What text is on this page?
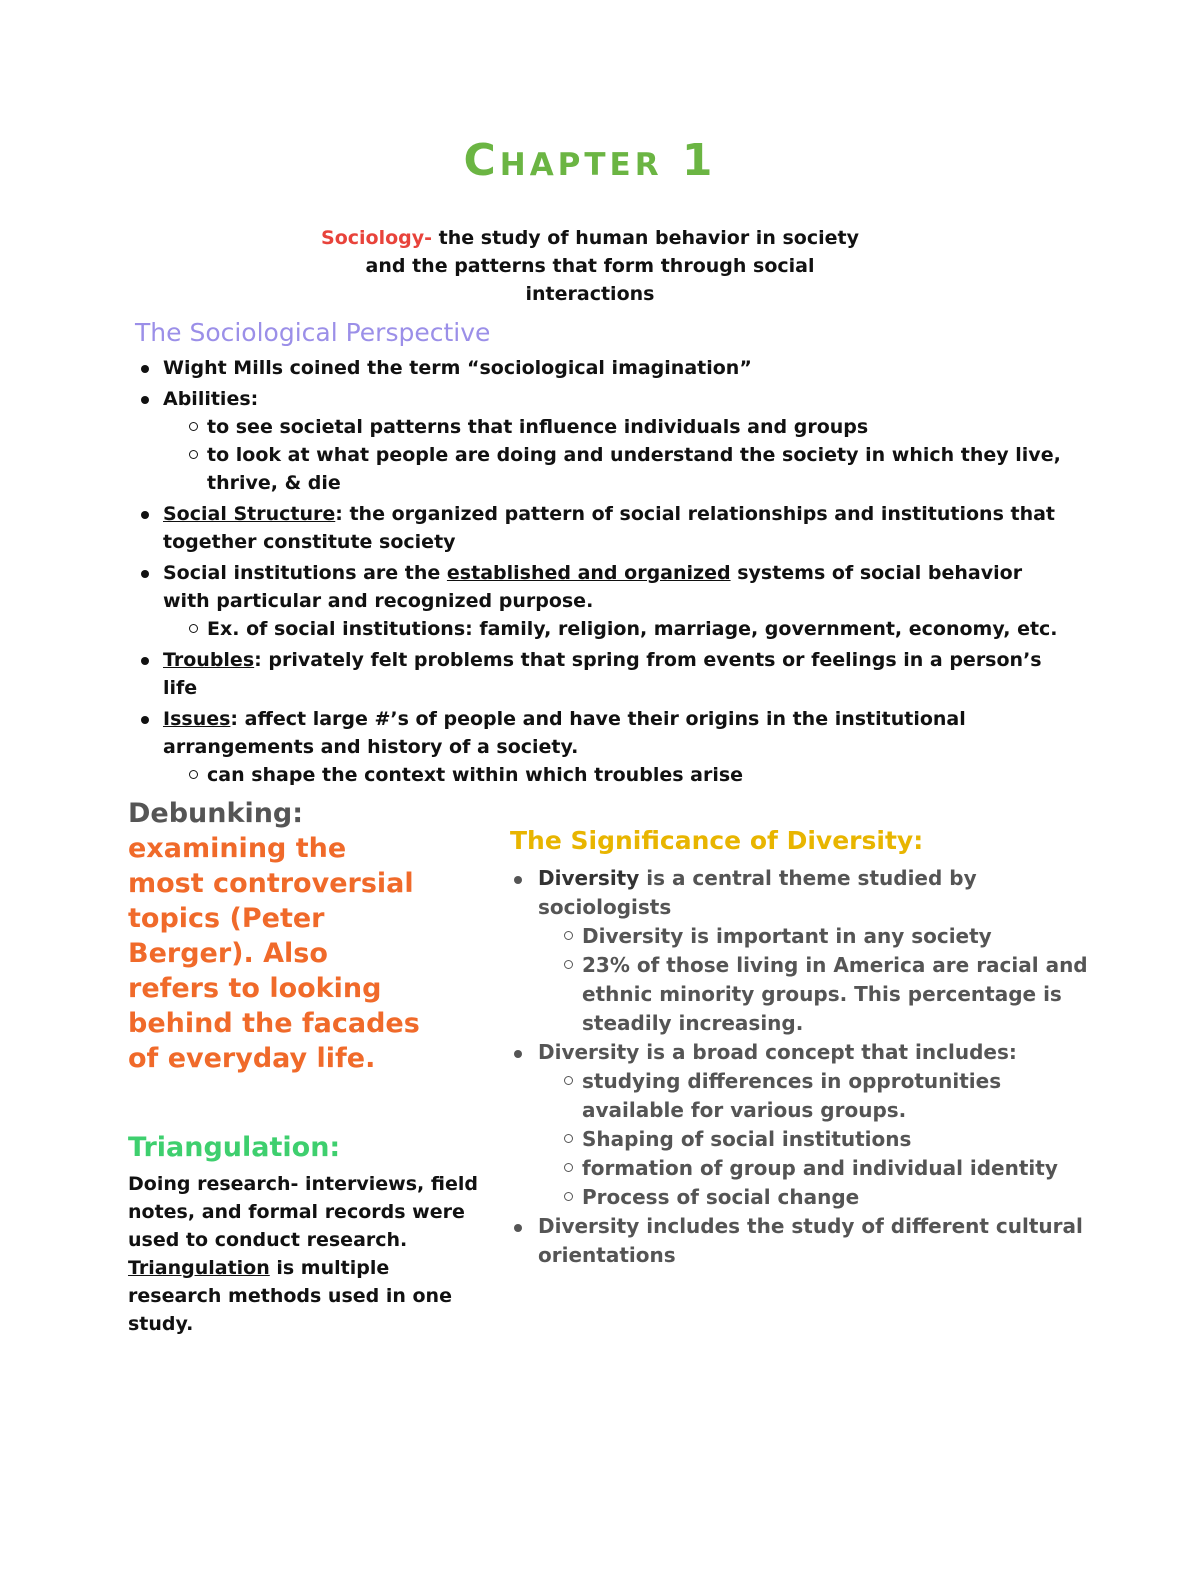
Chapter 1
Sociology- the study of human behavior in society and the patterns that form through social interactions
The Sociological Perspective
Wight Mills coined the term “sociological imagination”
Abilities:
to see societal patterns that influence individuals and groups
to look at what people are doing and understand the society in which they live, thrive, & die
Social Structure: the organized pattern of social relationships and institutions that together constitute society
Social institutions are the established and organized systems of social behavior with particular and recognized purpose.
Ex. of social institutions: family, religion, marriage, government, economy, etc.
Troubles: privately felt problems that spring from events or feelings in a person’s life
Issues: affect large #’s of people and have their origins in the institutional arrangements and history of a society.
can shape the context within which troubles arise
Debunking: examining the most controversial topics (Peter Berger). Also refers to looking behind the facades of everyday life.
Triangulation:
Doing research- interviews, field notes, and formal records were used to conduct research. Triangulation is multiple research methods used in one study.
The Significance of Diversity:
Diversity is a central theme studied by sociologists
Diversity is important in any society
23% of those living in America are racial and ethnic minority groups. This percentage is steadily increasing.
Diversity is a broad concept that includes:
studying differences in opprotunities available for various groups.
Shaping of social institutions
formation of group and individual identity
Process of social change
Diversity includes the study of different cultural orientations
